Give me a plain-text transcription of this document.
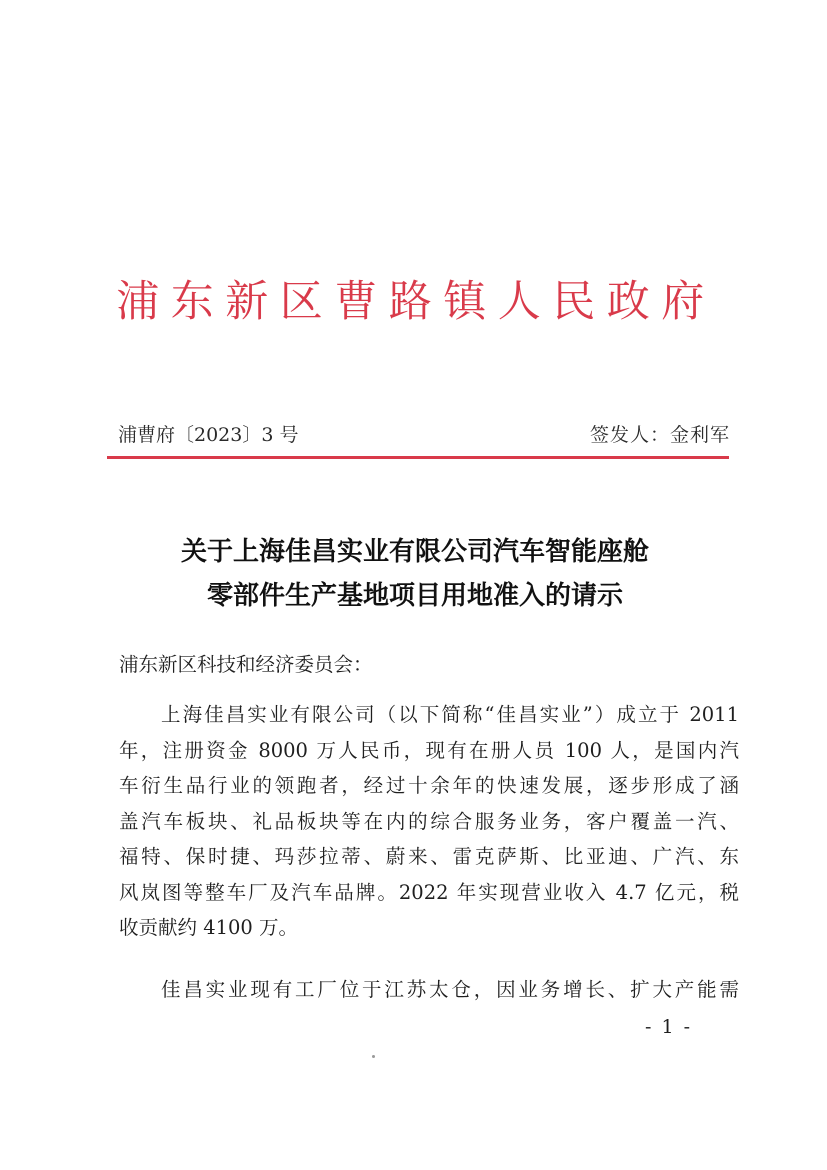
浦东新区曹路镇人民政府
浦曹府〔2023〕3 号	签发人：金利军
关于上海佳昌实业有限公司汽车智能座舱
零部件生产基地项目用地准入的请示
浦东新区科技和经济委员会：
上海佳昌实业有限公司（以下简称“佳昌实业”）成立于 2011
年，注册资金 8000 万人民币，现有在册人员 100 人，是国内汽
车衍生品行业的领跑者，经过十余年的快速发展，逐步形成了涵
盖汽车板块、礼品板块等在内的综合服务业务，客户覆盖一汽、
福特、保时捷、玛莎拉蒂、蔚来、雷克萨斯、比亚迪、广汽、东
风岚图等整车厂及汽车品牌。2022 年实现营业收入 4.7 亿元，税
收贡献约 4100 万。
佳昌实业现有工厂位于江苏太仓，因业务增长、扩大产能需
- 1 -
